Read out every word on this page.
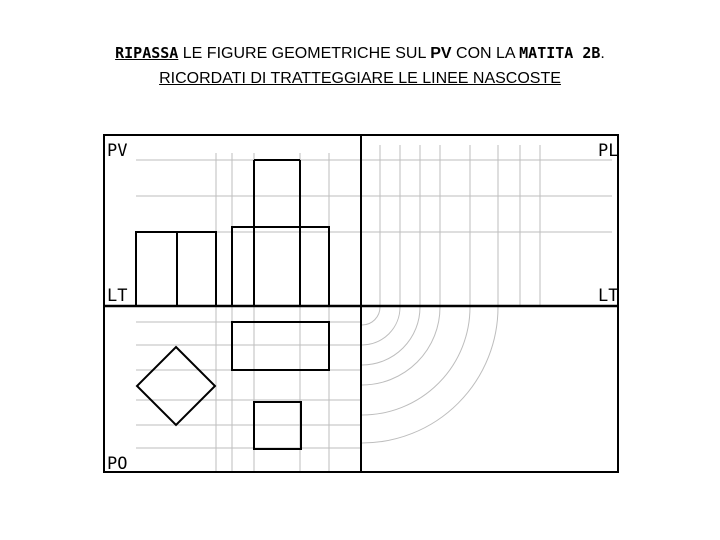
RIPASSA LE FIGURE GEOMETRICHE SUL PV CON LA MATITA 2B.
RICORDATI DI TRATTEGGIARE LE LINEE NASCOSTE
PV	PL
LT	LT
PO
